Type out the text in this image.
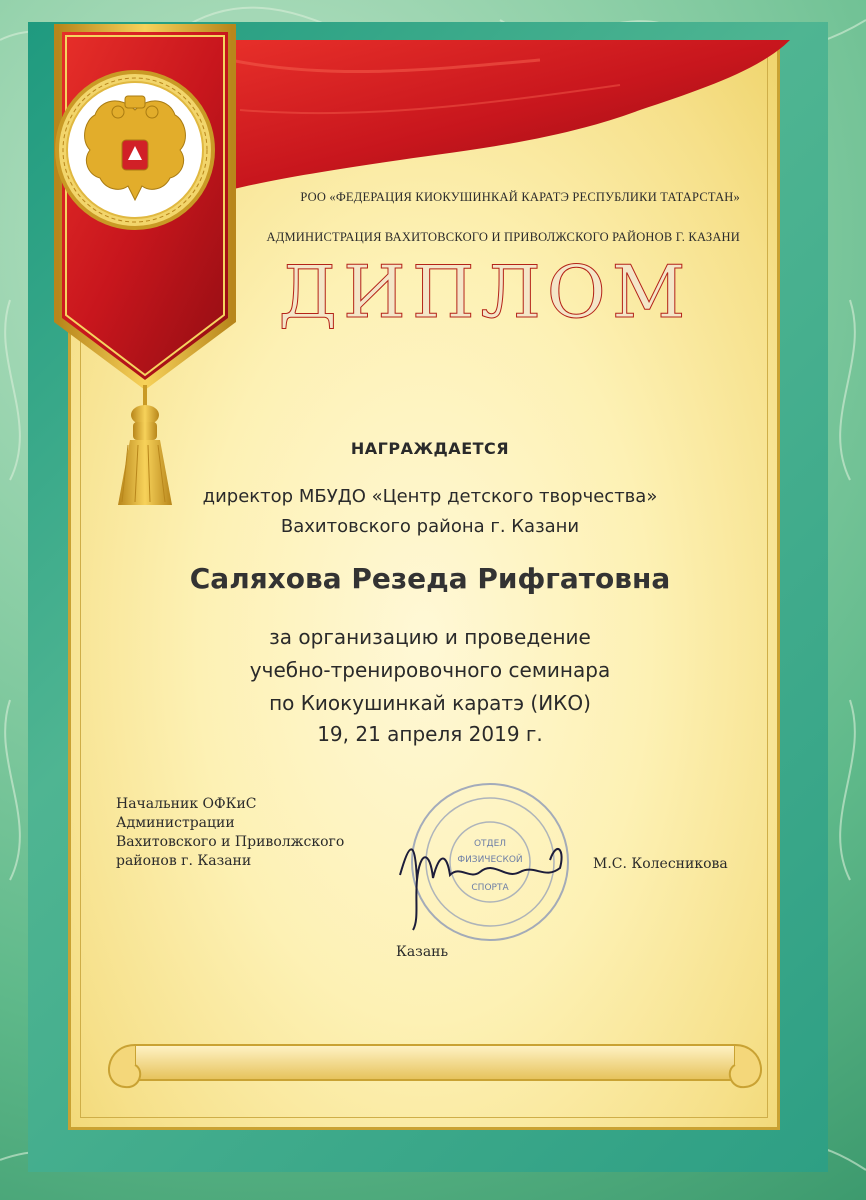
РОО «ФЕДЕРАЦИЯ КИОКУШИНКАЙ КАРАТЭ РЕСПУБЛИКИ ТАТАРСТАН»
АДМИНИСТРАЦИЯ ВАХИТОВСКОГО И ПРИВОЛЖСКОГО РАЙОНОВ Г. КАЗАНИ
ДИПЛОМ
НАГРАЖДАЕТСЯ
директор МБУДО «Центр детского творчества»
Вахитовского района г. Казани
Саляхова Резеда Рифгатовна
за организацию и проведение
учебно-тренировочного семинара
по Киокушинкай каратэ (ИКО)
19, 21 апреля 2019 г.
Начальник ОФКиС
Администрации
Вахитовского и Приволжского
районов г. Казани
ОТДЕЛ
ФИЗИЧЕСКОЙ
СПОРТА
М.С. Колесникова
Казань
